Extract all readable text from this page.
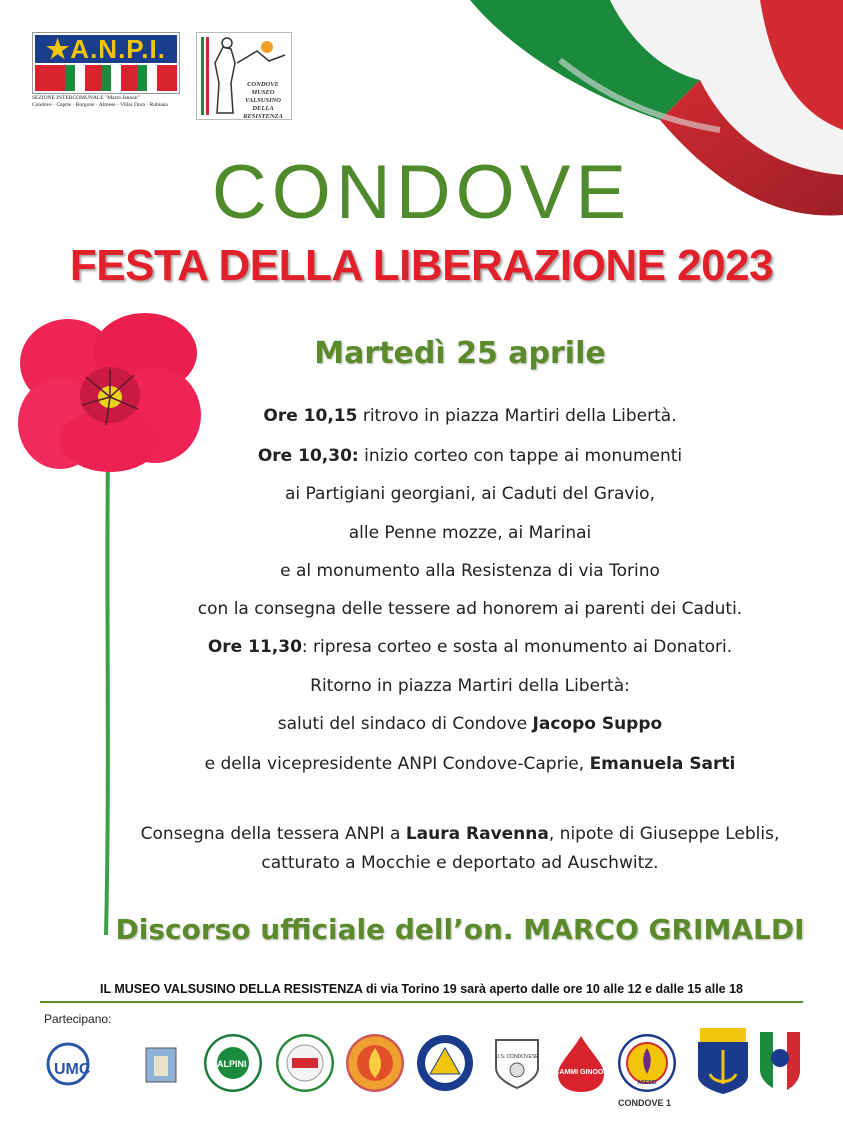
★A.N.P.I.
SEZIONE INTERCOMUNALE "Mario Jannon"
Condove · Caprie · Borgone · Almese · Villar Dora · Rubiana
CONDOVE
MUSEO
VALSUSINO
DELLA RESISTENZA
CONDOVE
FESTA DELLA LIBERAZIONE 2023
Martedì 25 aprile
Ore 10,15 ritrovo in piazza Martiri della Libertà.
Ore 10,30: inizio corteo con tappe ai monumenti
ai Partigiani georgiani, ai Caduti del Gravio,
alle Penne mozze, ai Marinai
e al monumento alla Resistenza di via Torino
con la consegna delle tessere ad honorem ai parenti dei Caduti.
Ore 11,30: ripresa corteo e sosta al monumento ai Donatori.
Ritorno in piazza Martiri della Libertà:
saluti del sindaco di Condove Jacopo Suppo
e della vicepresidente ANPI Condove-Caprie, Emanuela Sarti
Consegna della tessera ANPI a Laura Ravenna, nipote di Giuseppe Leblis,
catturato a Mocchie e deportato ad Auschwitz.
Discorso ufficiale dell’on. MARCO GRIMALDI
IL MUSEO VALSUSINO DELLA RESISTENZA di via Torino 19 sarà aperto dalle ore 10 alle 12 e dalle 15 alle 18
Partecipano:
UMC	ALPINI
U.S. CONDOVESE
CAMMI GINOOF
AGESCI
CONDOVE 1
